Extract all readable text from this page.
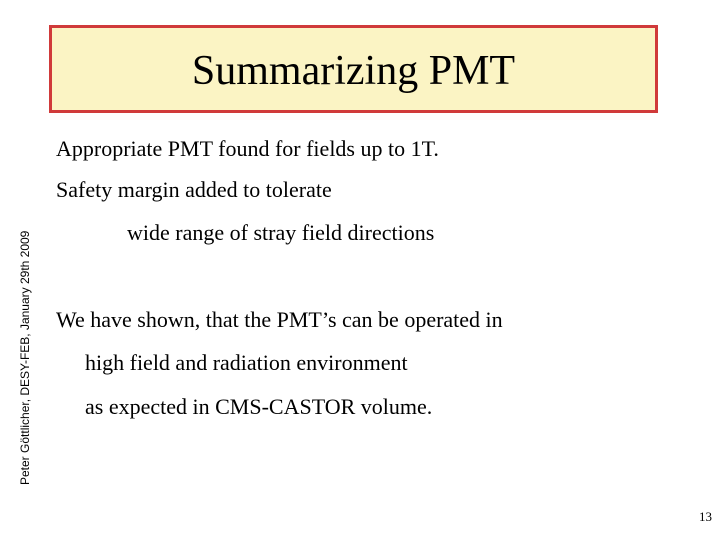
Summarizing PMT
Peter Göttlicher, DESY-FEB, January 29th 2009
Appropriate PMT found for fields up to 1T.
Safety margin added to tolerate
wide range of stray field directions
We have shown, that the PMT’s can be operated in
high field and radiation environment
as expected in CMS-CASTOR volume.
13
